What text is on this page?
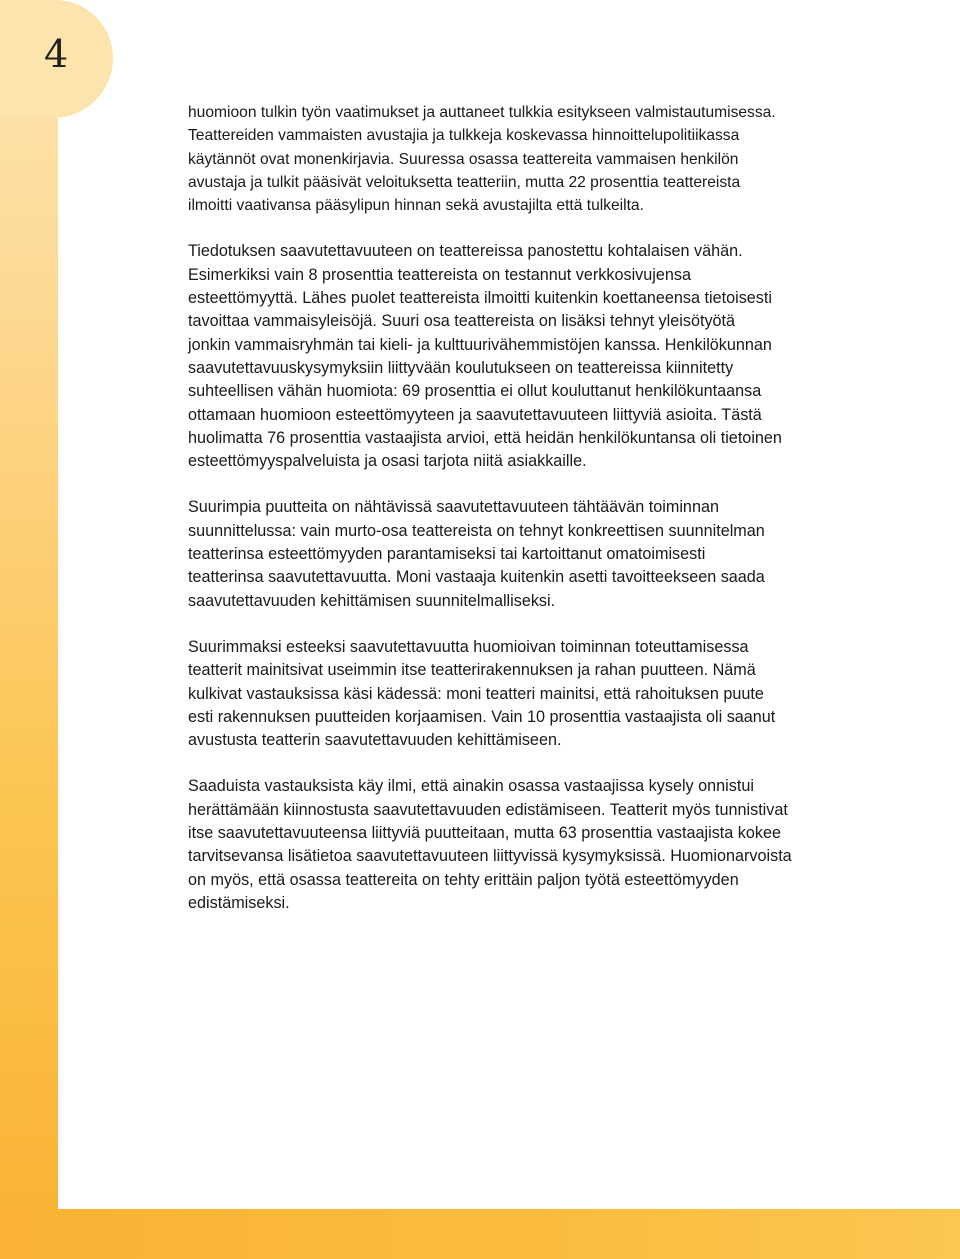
4

huomioon tulkin työn vaatimukset ja auttaneet tulkkia esitykseen valmistautumisessa.
Teattereiden vammaisten avustajia ja tulkkeja koskevassa hinnoittelupolitiikassa
käytännöt ovat monenkirjavia. Suuressa osassa teattereita vammaisen henkilön
avustaja ja tulkit pääsivät veloituksetta teatteriin, mutta 22 prosenttia teattereista
ilmoitti vaativansa pääsylipun hinnan sekä avustajilta että tulkeilta.

Tiedotuksen saavutettavuuteen on teattereissa panostettu kohtalaisen vähän.
Esimerkiksi vain 8 prosenttia teattereista on testannut verkkosivujensa
esteettömyyttä. Lähes puolet teattereista ilmoitti kuitenkin koettaneensa tietoisesti
tavoittaa vammaisyleisöjä. Suuri osa teattereista on lisäksi tehnyt yleisötyötä
jonkin vammaisryhmän tai kieli- ja kulttuurivähemmistöjen kanssa. Henkilökunnan
saavutettavuuskysymyksiin liittyvään koulutukseen on teattereissa kiinnitetty
suhteellisen vähän huomiota: 69 prosenttia ei ollut kouluttanut henkilökuntaansa
ottamaan huomioon esteettömyyteen ja saavutettavuuteen liittyviä asioita. Tästä
huolimatta 76 prosenttia vastaajista arvioi, että heidän henkilökuntansa oli tietoinen
esteettömyyspalveluista ja osasi tarjota niitä asiakkaille.

Suurimpia puutteita on nähtävissä saavutettavuuteen tähtäävän toiminnan
suunnittelussa: vain murto-osa teattereista on tehnyt konkreettisen suunnitelman
teatterinsa esteettömyyden parantamiseksi tai kartoittanut omatoimisesti
teatterinsa saavutettavuutta. Moni vastaaja kuitenkin asetti tavoitteekseen saada
saavutettavuuden kehittämisen suunnitelmalliseksi.

Suurimmaksi esteeksi saavutettavuutta huomioivan toiminnan toteuttamisessa
teatterit mainitsivat useimmin itse teatterirakennuksen ja rahan puutteen. Nämä
kulkivat vastauksissa käsi kädessä: moni teatteri mainitsi, että rahoituksen puute
esti rakennuksen puutteiden korjaamisen. Vain 10 prosenttia vastaajista oli saanut
avustusta teatterin saavutettavuuden kehittämiseen.

Saaduista vastauksista käy ilmi, että ainakin osassa vastaajissa kysely onnistui
herättämään kiinnostusta saavutettavuuden edistämiseen. Teatterit myös tunnistivat
itse saavutettavuuteensa liittyviä puutteitaan, mutta 63 prosenttia vastaajista kokee
tarvitsevansa lisätietoa saavutettavuuteen liittyvissä kysymyksissä. Huomionarvoista
on myös, että osassa teattereita on tehty erittäin paljon työtä esteettömyyden
edistämiseksi.
